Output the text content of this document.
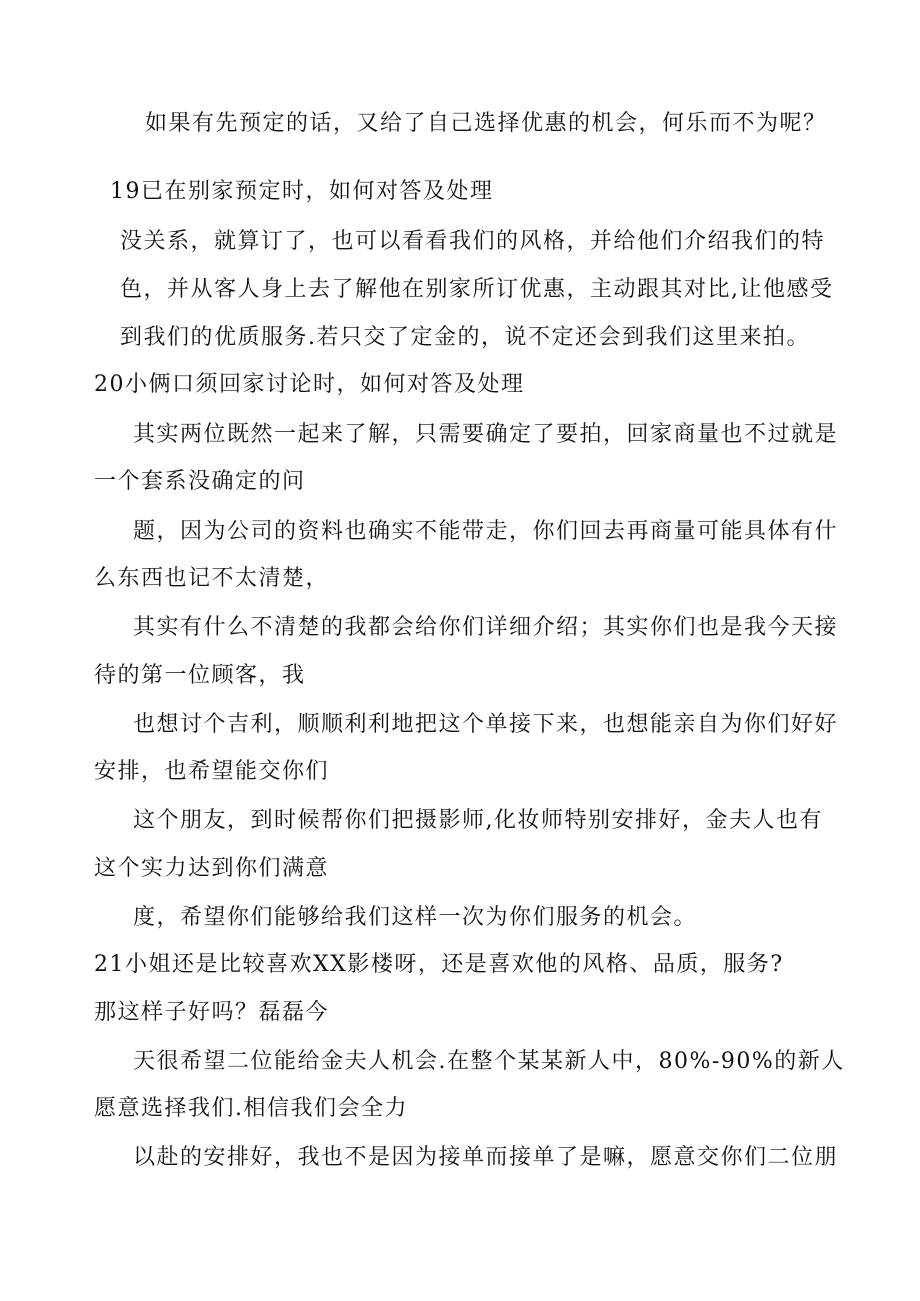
如果有先预定的话，又给了自己选择优惠的机会，何乐而不为呢？
19已在别家预定时，如何对答及处理
没关系，就算订了，也可以看看我们的风格，并给他们介绍我们的特
色，并从客人身上去了解他在别家所订优惠，主动跟其对比,让他感受
到我们的优质服务.若只交了定金的，说不定还会到我们这里来拍。
20小俩口须回家讨论时，如何对答及处理
其实两位既然一起来了解，只需要确定了要拍，回家商量也不过就是
一个套系没确定的问
题，因为公司的资料也确实不能带走，你们回去再商量可能具体有什
么东西也记不太清楚，
其实有什么不清楚的我都会给你们详细介绍；其实你们也是我今天接
待的第一位顾客，我
也想讨个吉利，顺顺利利地把这个单接下来，也想能亲自为你们好好
安排，也希望能交你们
这个朋友，到时候帮你们把摄影师,化妆师特别安排好，金夫人也有
这个实力达到你们满意
度，希望你们能够给我们这样一次为你们服务的机会。
21小姐还是比较喜欢XX影楼呀，还是喜欢他的风格、品质，服务?
那这样子好吗？磊磊今
天很希望二位能给金夫人机会.在整个某某新人中，80%-90%的新人
愿意选择我们.相信我们会全力
以赴的安排好，我也不是因为接单而接单了是嘛，愿意交你们二位朋
